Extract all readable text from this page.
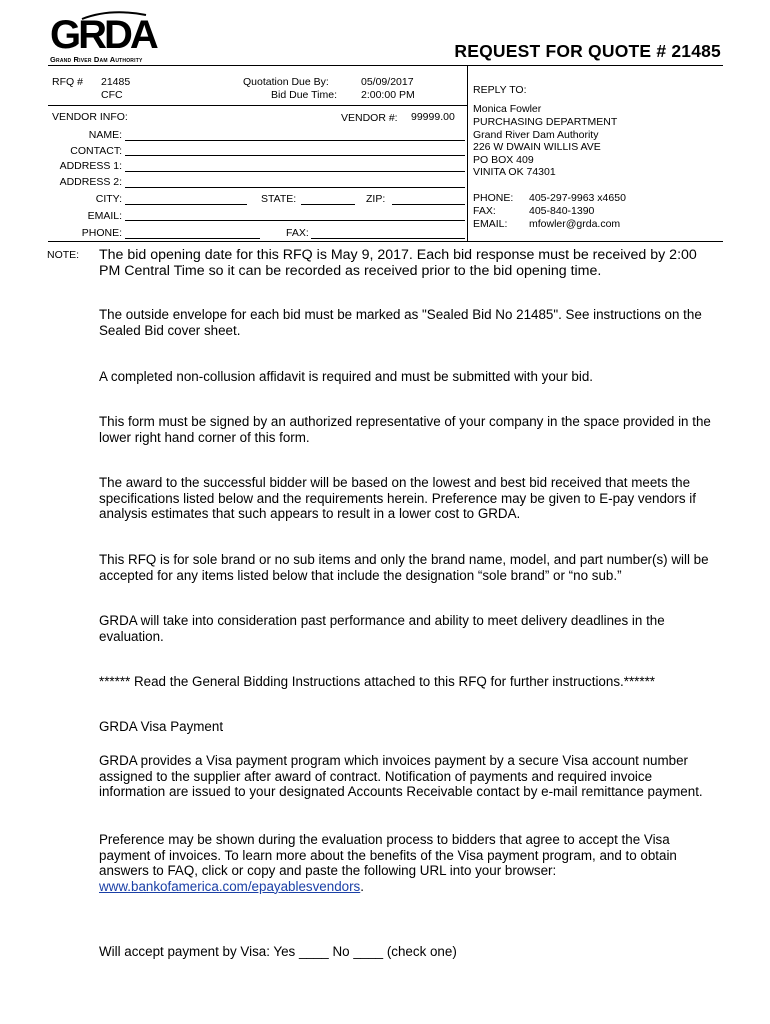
GRDA
Grand River Dam Authority	REQUEST FOR QUOTE # 21485
RFQ # 21485
CFC
Quotation Due By:	05/09/2017
Bid Due Time: 2:00:00 PM
VENDOR INFO:	VENDOR #: 99999.00
NAME:
CONTACT:
ADDRESS 1:
ADDRESS 2:
CITY:	STATE:	ZIP:
EMAIL:
PHONE:	FAX:
REPLY TO:
Monica Fowler
PURCHASING DEPARTMENT
Grand River Dam Authority
226 W DWAIN WILLIS AVE
PO BOX 409
VINITA OK 74301
PHONE: 405-297-9963 x4650
FAX:	405-840-1390
EMAIL: mfowler@grda.com
NOTE: The bid opening date for this RFQ is May 9, 2017. Each bid response must be received by 2:00 PM Central Time so it can be recorded as received prior to the bid opening time.
The outside envelope for each bid must be marked as "Sealed Bid No 21485". See instructions on the Sealed Bid cover sheet.
A completed non-collusion affidavit is required and must be submitted with your bid.
This form must be signed by an authorized representative of your company in the space provided in the lower right hand corner of this form.
The award to the successful bidder will be based on the lowest and best bid received that meets the specifications listed below and the requirements herein. Preference may be given to E-pay vendors if analysis estimates that such appears to result in a lower cost to GRDA.
This RFQ is for sole brand or no sub items and only the brand name, model, and part number(s) will be accepted for any items listed below that include the designation “sole brand” or “no sub.”
GRDA will take into consideration past performance and ability to meet delivery deadlines in the evaluation.
****** Read the General Bidding Instructions attached to this RFQ for further instructions.******
GRDA Visa Payment
GRDA provides a Visa payment program which invoices payment by a secure Visa account number assigned to the supplier after award of contract. Notification of payments and required invoice information are issued to your designated Accounts Receivable contact by e-mail remittance payment.
Preference may be shown during the evaluation process to bidders that agree to accept the Visa payment of invoices. To learn more about the benefits of the Visa payment program, and to obtain answers to FAQ, click or copy and paste the following URL into your browser: www.bankofamerica.com/epayablesvendors.
Will accept payment by Visa: Yes ____ No ____ (check one)
